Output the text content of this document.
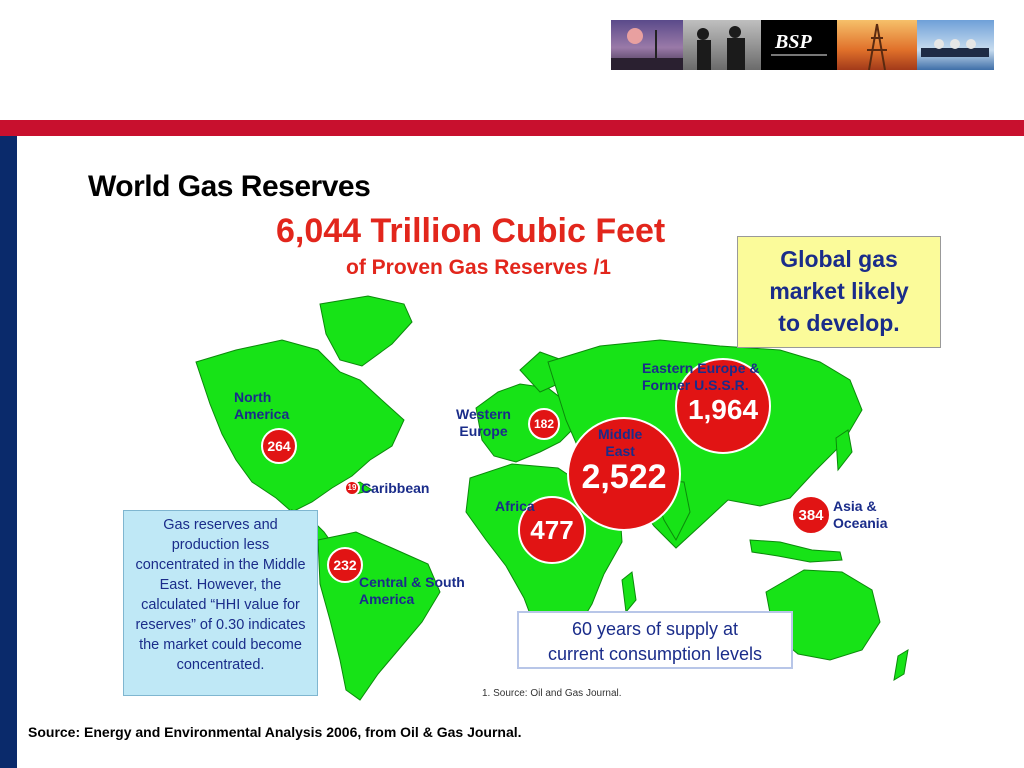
BSP
World Gas Reserves
6,044 Trillion Cubic Feet
of Proven Gas Reserves /1
North
America	Western
Europe
Caribbean
Africa
Middle
East
Eastern Europe &
Former U.S.S.R.
Asia &
Oceania
Central & South
America
264
182
19
477
2,522
1,964
384
232
Global gas
market likely
to develop.
Gas reserves and production less concentrated in the Middle East. However, the calculated “HHI value for reserves” of 0.30 indicates the market could become concentrated.
60 years of supply at
current consumption levels
1. Source: Oil and Gas Journal.
Source: Energy and Environmental Analysis 2006, from Oil & Gas Journal.
